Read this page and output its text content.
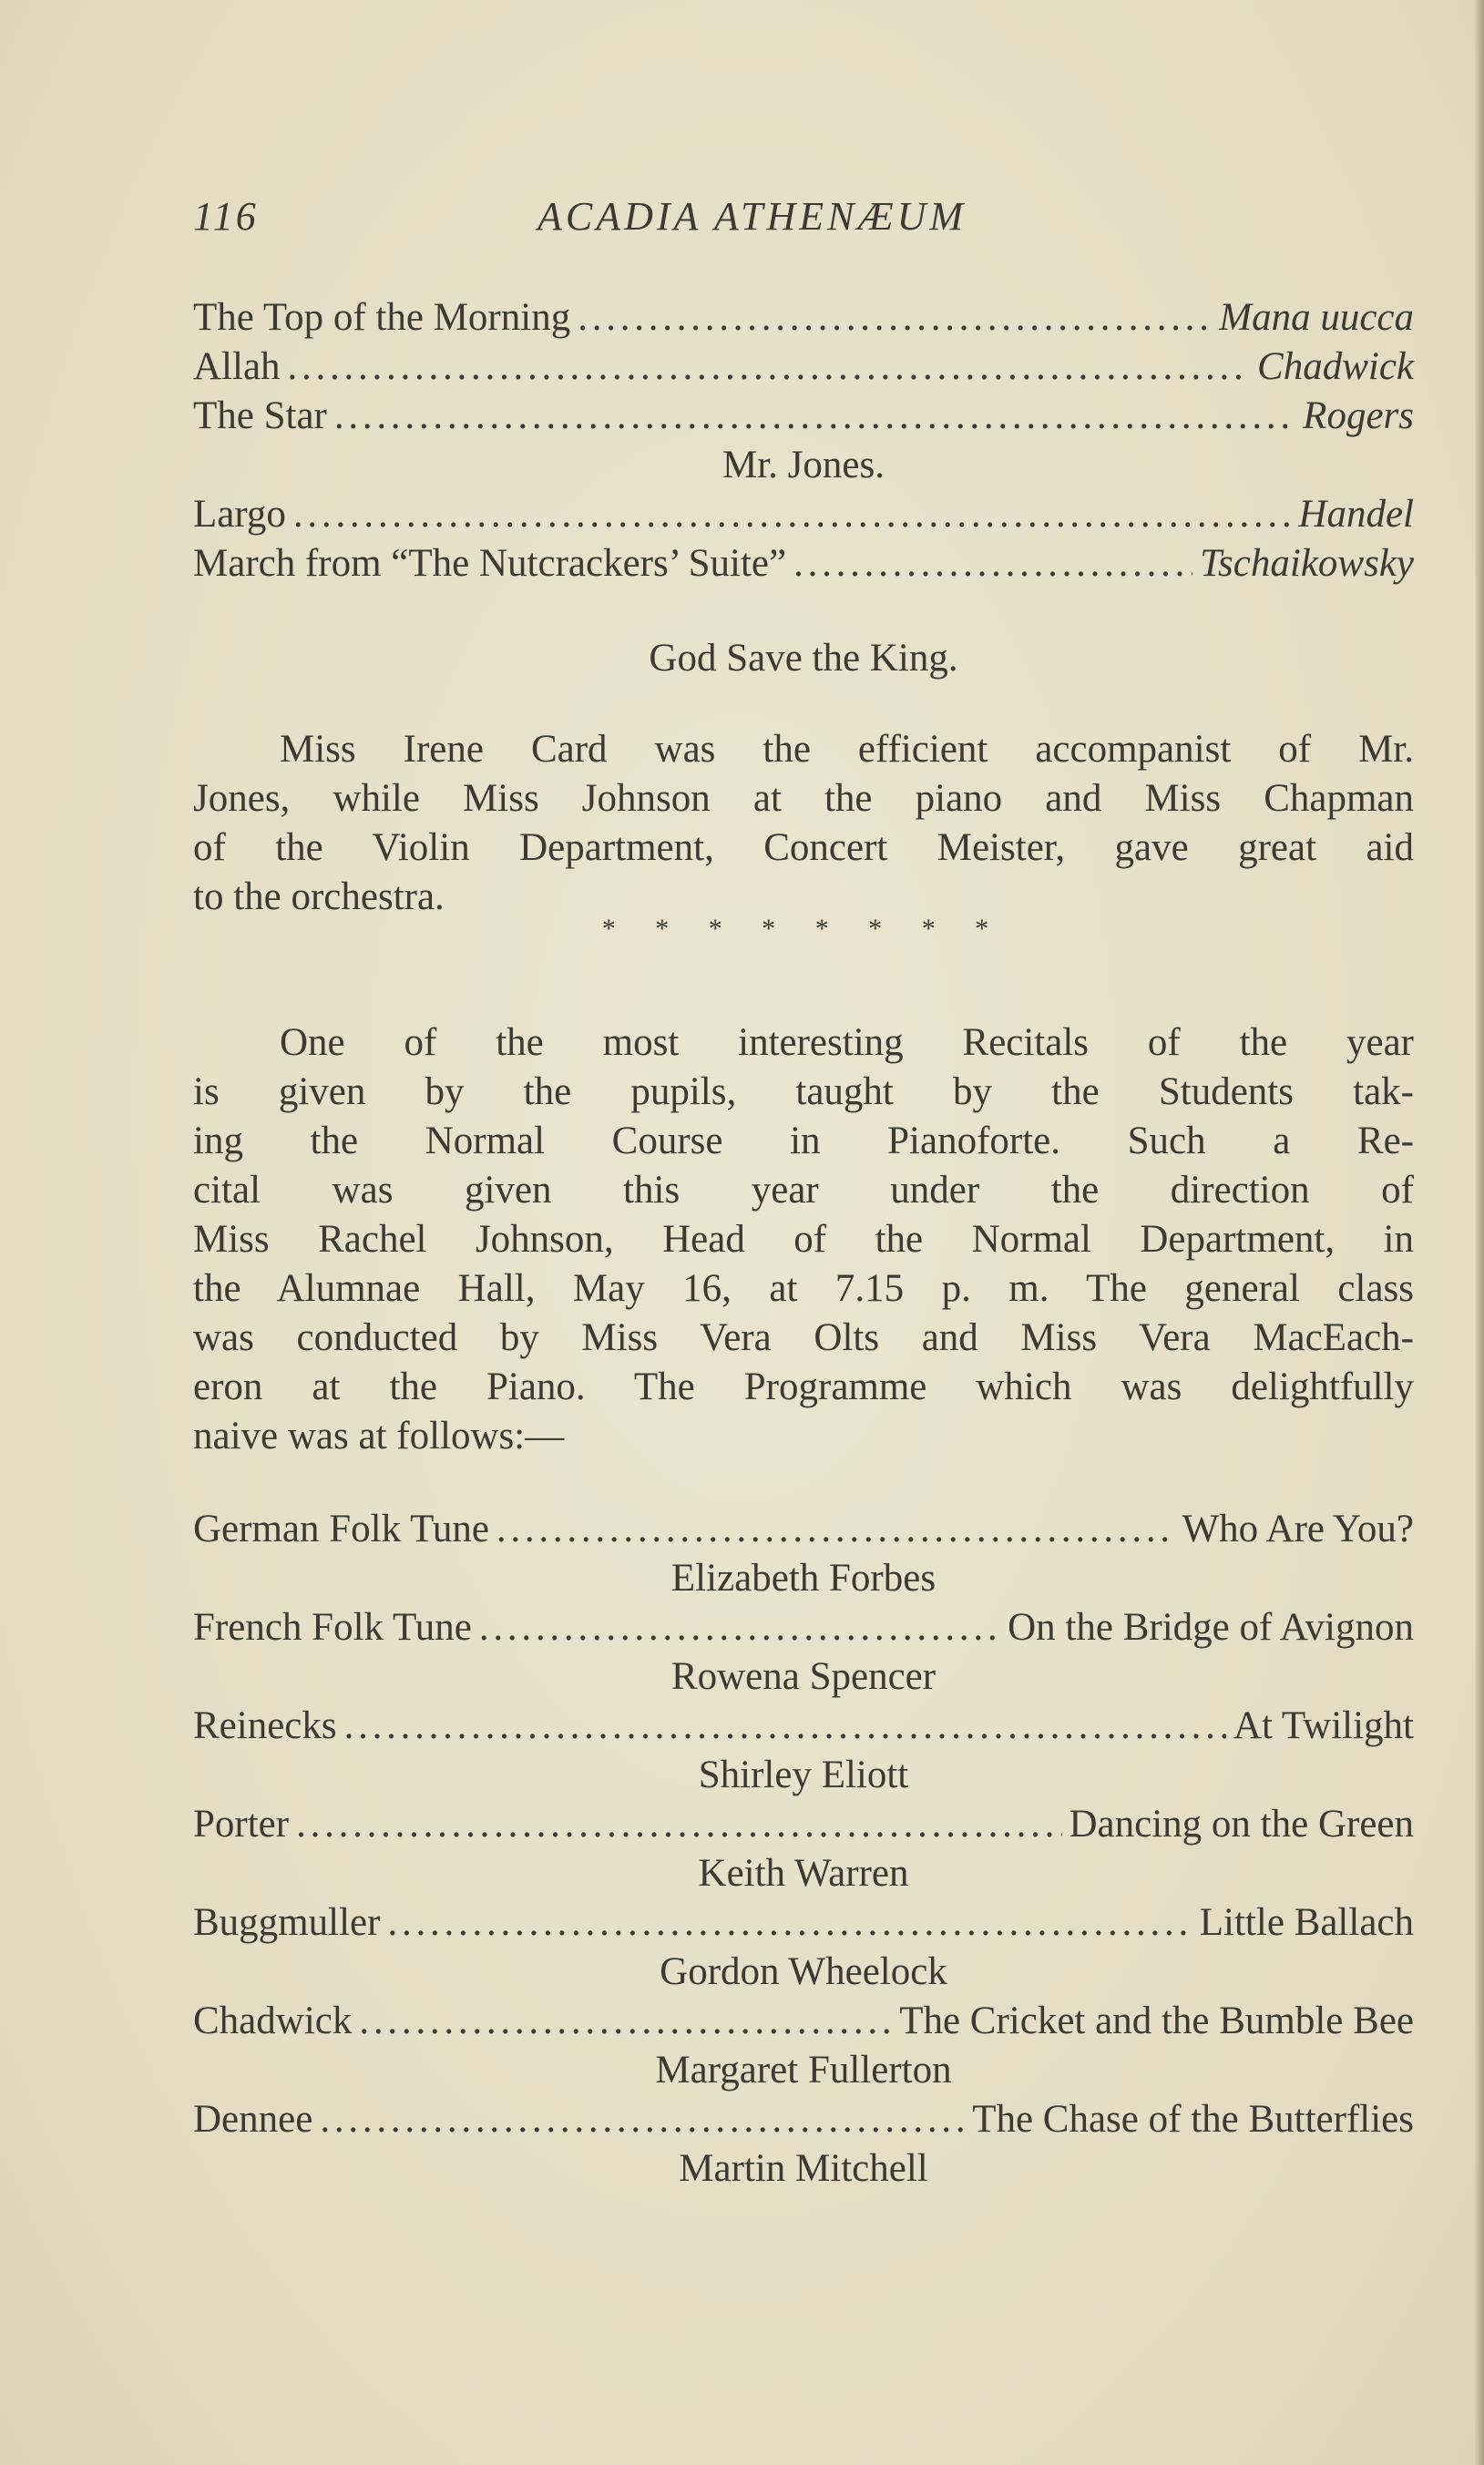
116	ACADIA ATHENÆUM
The Top of the Morning . . .	Mana uucca
Allah . . .	Chadwick
The Star . . .	Rogers
Mr. Jones.
Largo . . .	Handel
March from “The Nutcrackers’ Suite” . . .	Tschaikowsky
God Save the King.
Miss Irene Card was the efficient accompanist of Mr.
Jones, while Miss Johnson at the piano and Miss Chapman
of the Violin Department, Concert Meister, gave great aid
to the orchestra.
* * * * * * * *
One of the most interesting Recitals of the year
is given by the pupils, taught by the Students tak-
ing the Normal Course in Pianoforte. Such a Re-
cital was given this year under the direction of
Miss Rachel Johnson, Head of the Normal Department, in
the Alumnae Hall, May 16, at 7.15 p. m. The general class
was conducted by Miss Vera Olts and Miss Vera MacEach-
eron at the Piano. The Programme which was delightfully
naive was at follows:—
German Folk Tune . . .	Who Are You?
Elizabeth Forbes
French Folk Tune . . .	On the Bridge of Avignon
Rowena Spencer
Reinecks . . .	At Twilight
Shirley Eliott
Porter . . .	Dancing on the Green
Keith Warren
Buggmuller . . .	Little Ballach
Gordon Wheelock
Chadwick . . .	The Cricket and the Bumble Bee
Margaret Fullerton
Dennee . . .	The Chase of the Butterflies
Martin Mitchell
